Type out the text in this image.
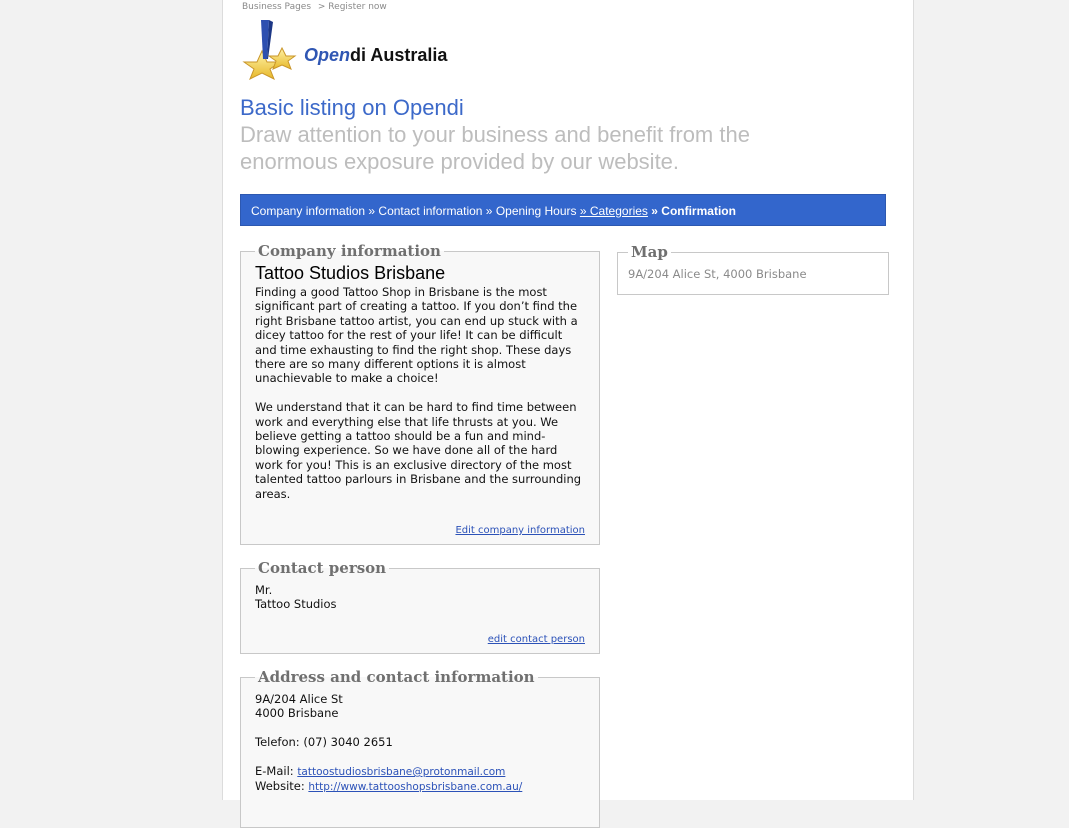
Business Pages > Register now
Opendi Australia
Basic listing on Opendi
Draw attention to your business and benefit from the enormous exposure provided by our website.
Company information » Contact information » Opening Hours » Categories » Confirmation
Company information
Tattoo Studios Brisbane

Finding a good Tattoo Shop in Brisbane is the most significant part of creating a tattoo. If you don’t find the right Brisbane tattoo artist, you can end up stuck with a dicey tattoo for the rest of your life! It can be difficult and time exhausting to find the right shop. These days there are so many different options it is almost unachievable to make a choice!

We understand that it can be hard to find time between work and everything else that life thrusts at you. We believe getting a tattoo should be a fun and mind-blowing experience. So we have done all of the hard work for you! This is an exclusive directory of the most talented tattoo parlours in Brisbane and the surrounding areas.

Edit company information
Map
9A/204 Alice St, 4000 Brisbane
Contact person
Mr.
Tattoo Studios
edit contact person
Address and contact information
9A/204 Alice St
4000 Brisbane
Telefon: (07) 3040 2651
E-Mail: tattoostudiosbrisbane@protonmail.com
Website: http://www.tattooshopsbrisbane.com.au/
